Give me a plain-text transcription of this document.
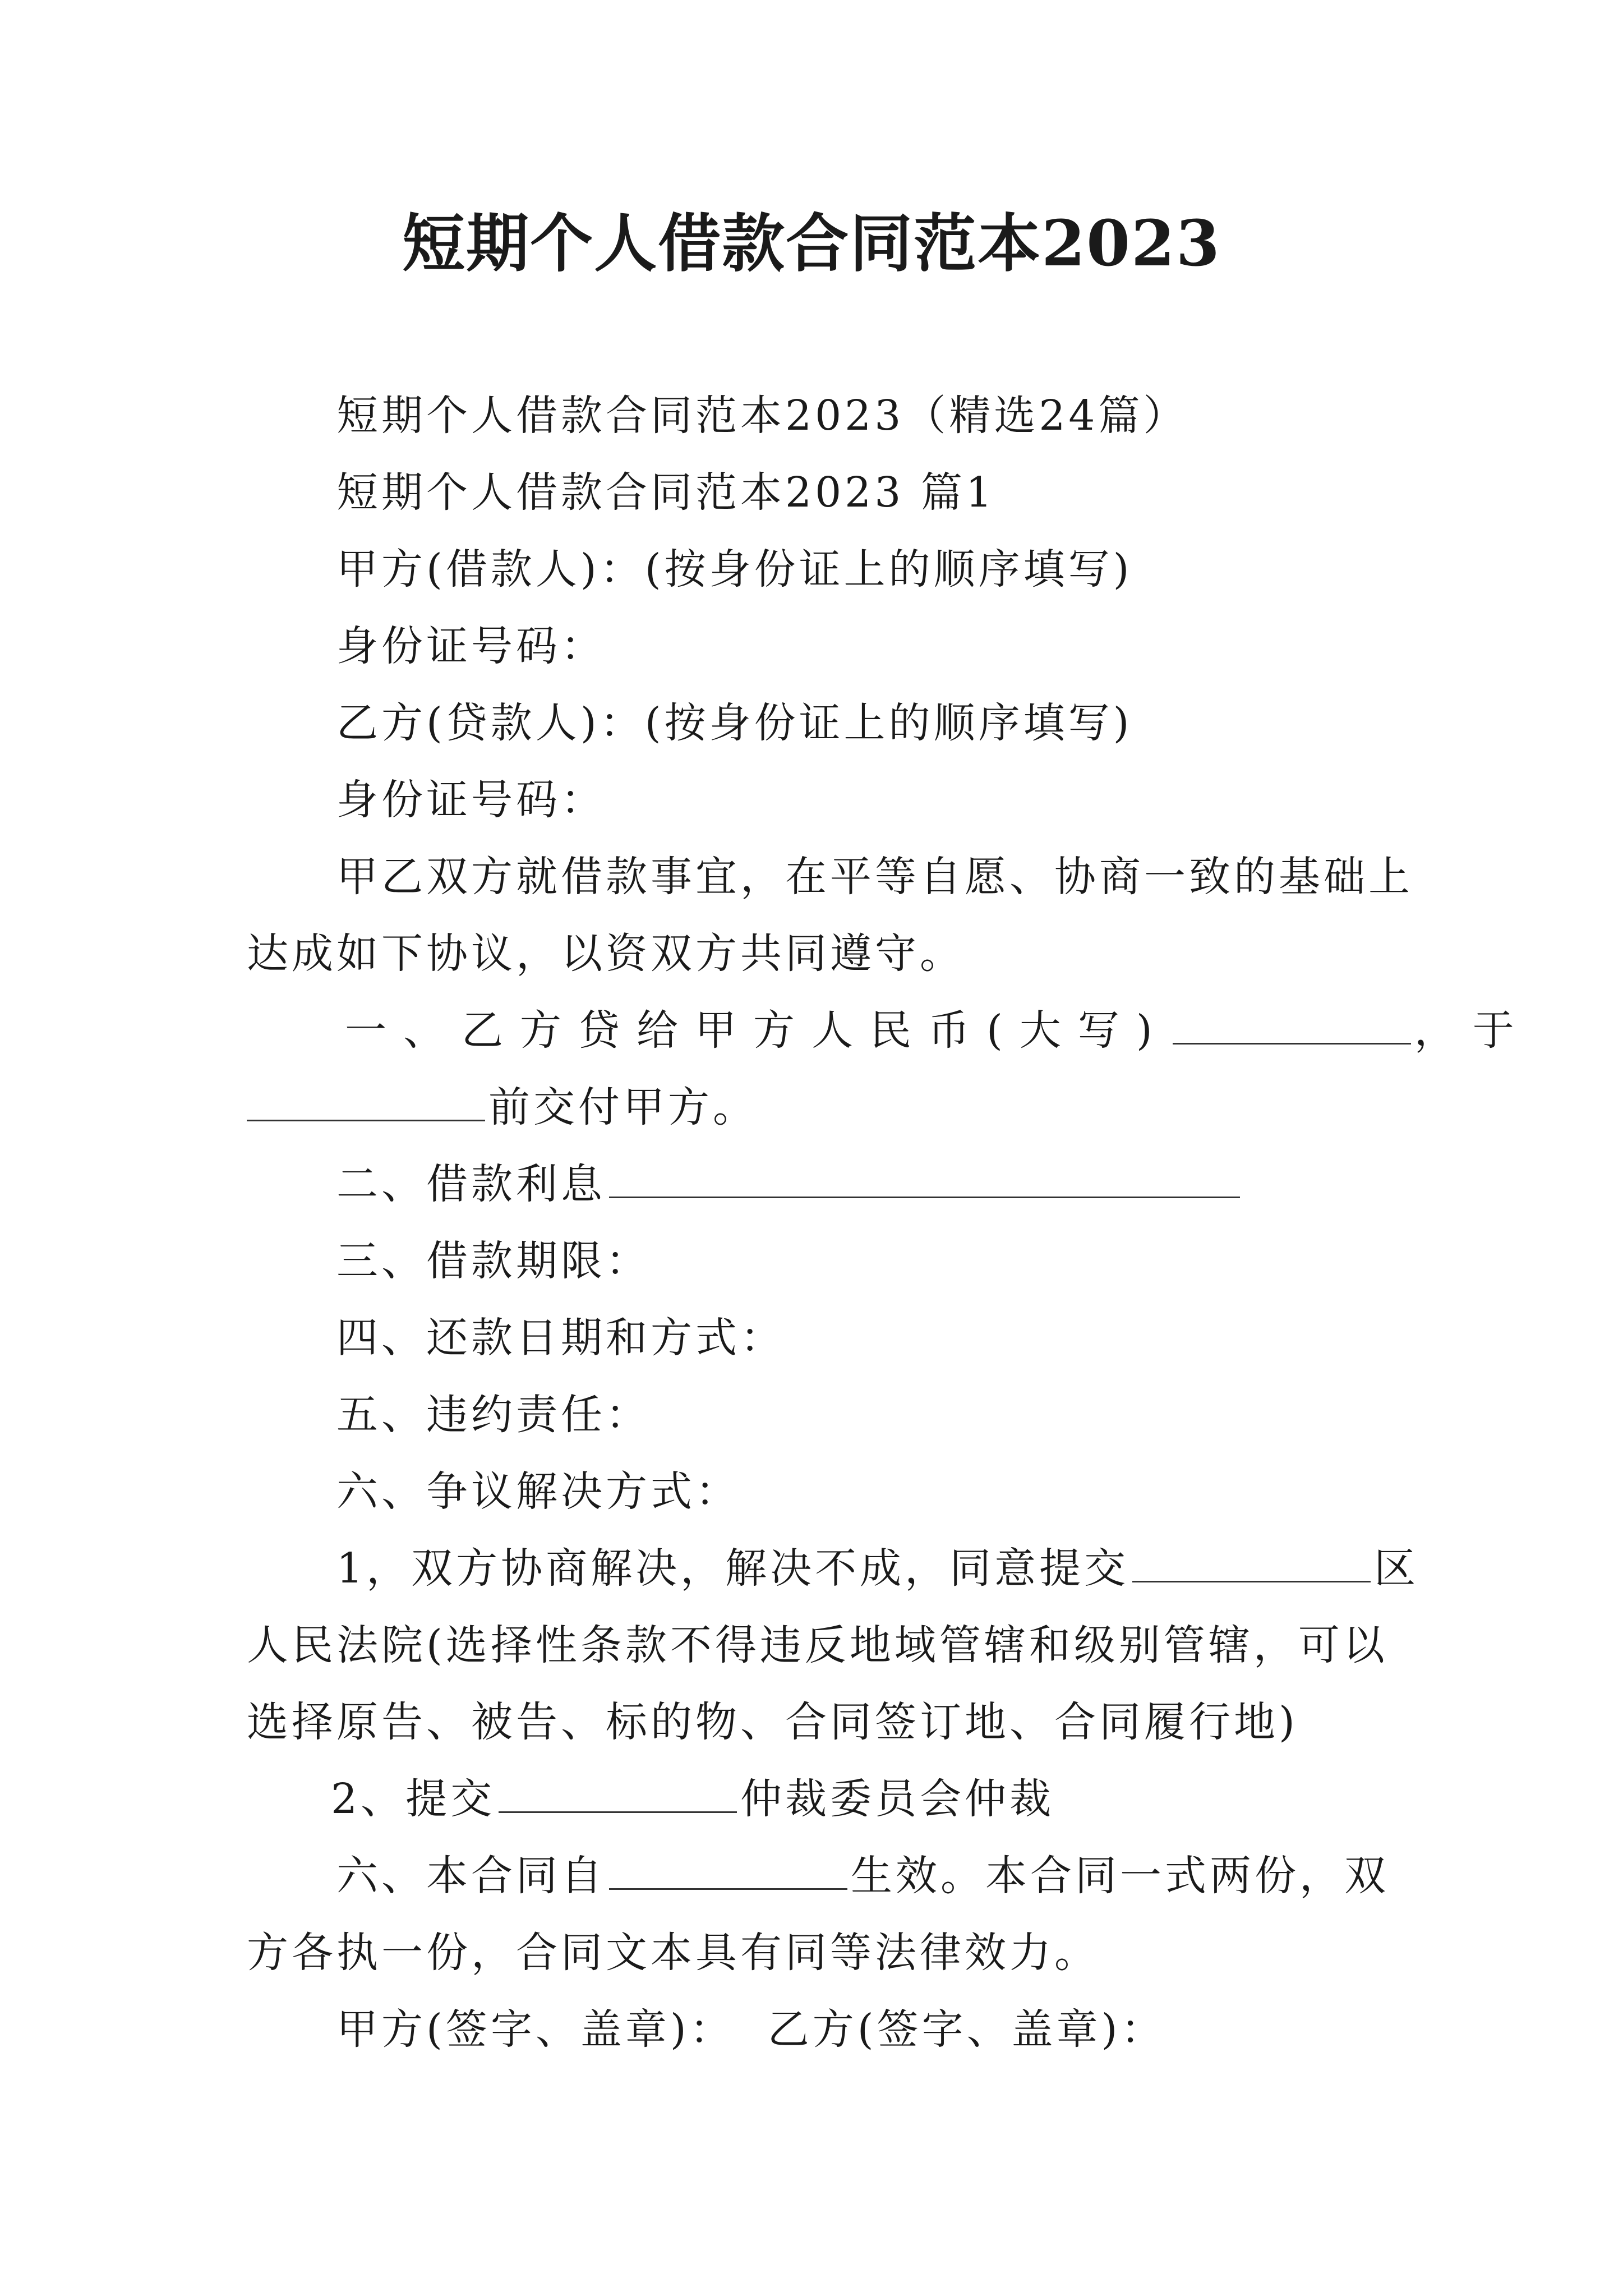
短期个人借款合同范本2023
短期个人借款合同范本2023（精选24篇）
短期个人借款合同范本2023 篇1
甲方(借款人)：(按身份证上的顺序填写)
身份证号码：
乙方(贷款人)：(按身份证上的顺序填写)
身份证号码：
甲乙双方就借款事宜，在平等自愿、协商一致的基础上
达成如下协议，以资双方共同遵守。
一、乙方贷给甲方人民币(大写)	，于
前交付甲方。
二、借款利息
三、借款期限：
四、还款日期和方式：
五、违约责任：
六、争议解决方式：
1，双方协商解决，解决不成，同意提交	区
人民法院(选择性条款不得违反地域管辖和级别管辖，可以
选择原告、被告、标的物、合同签订地、合同履行地)
2、提交	仲裁委员会仲裁
六、本合同自	生效。本合同一式两份，双
方各执一份，合同文本具有同等法律效力。
甲方(签字、盖章)：  乙方(签字、盖章)：
